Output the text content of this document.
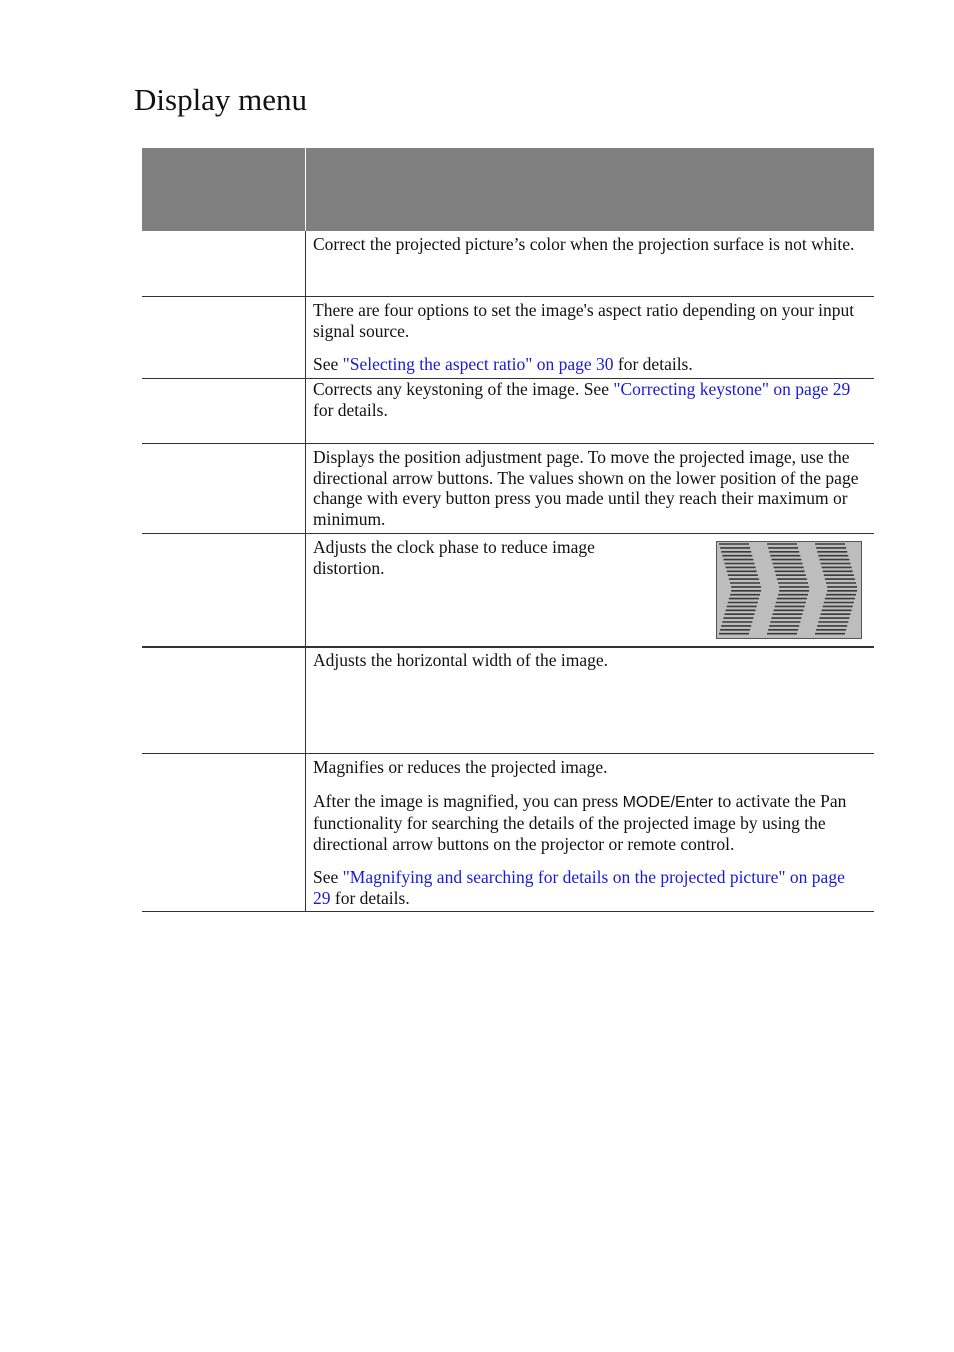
Display menu

Correct the projected picture’s color when the projection surface is not white.

There are four options to set the image's aspect ratio depending on your input signal source.

See "Selecting the aspect ratio" on page 30 for details.

Corrects any keystoning of the image. See "Correcting keystone" on page 29 for details.

Displays the position adjustment page. To move the projected image, use the directional arrow buttons. The values shown on the lower position of the page change with every button press you made until they reach their maximum or minimum.

Adjusts the clock phase to reduce image distortion.

Adjusts the horizontal width of the image.

Magnifies or reduces the projected image.

After the image is magnified, you can press MODE/Enter to activate the Pan functionality for searching the details of the projected image by using the directional arrow buttons on the projector or remote control.

See "Magnifying and searching for details on the projected picture" on page 29 for details.
